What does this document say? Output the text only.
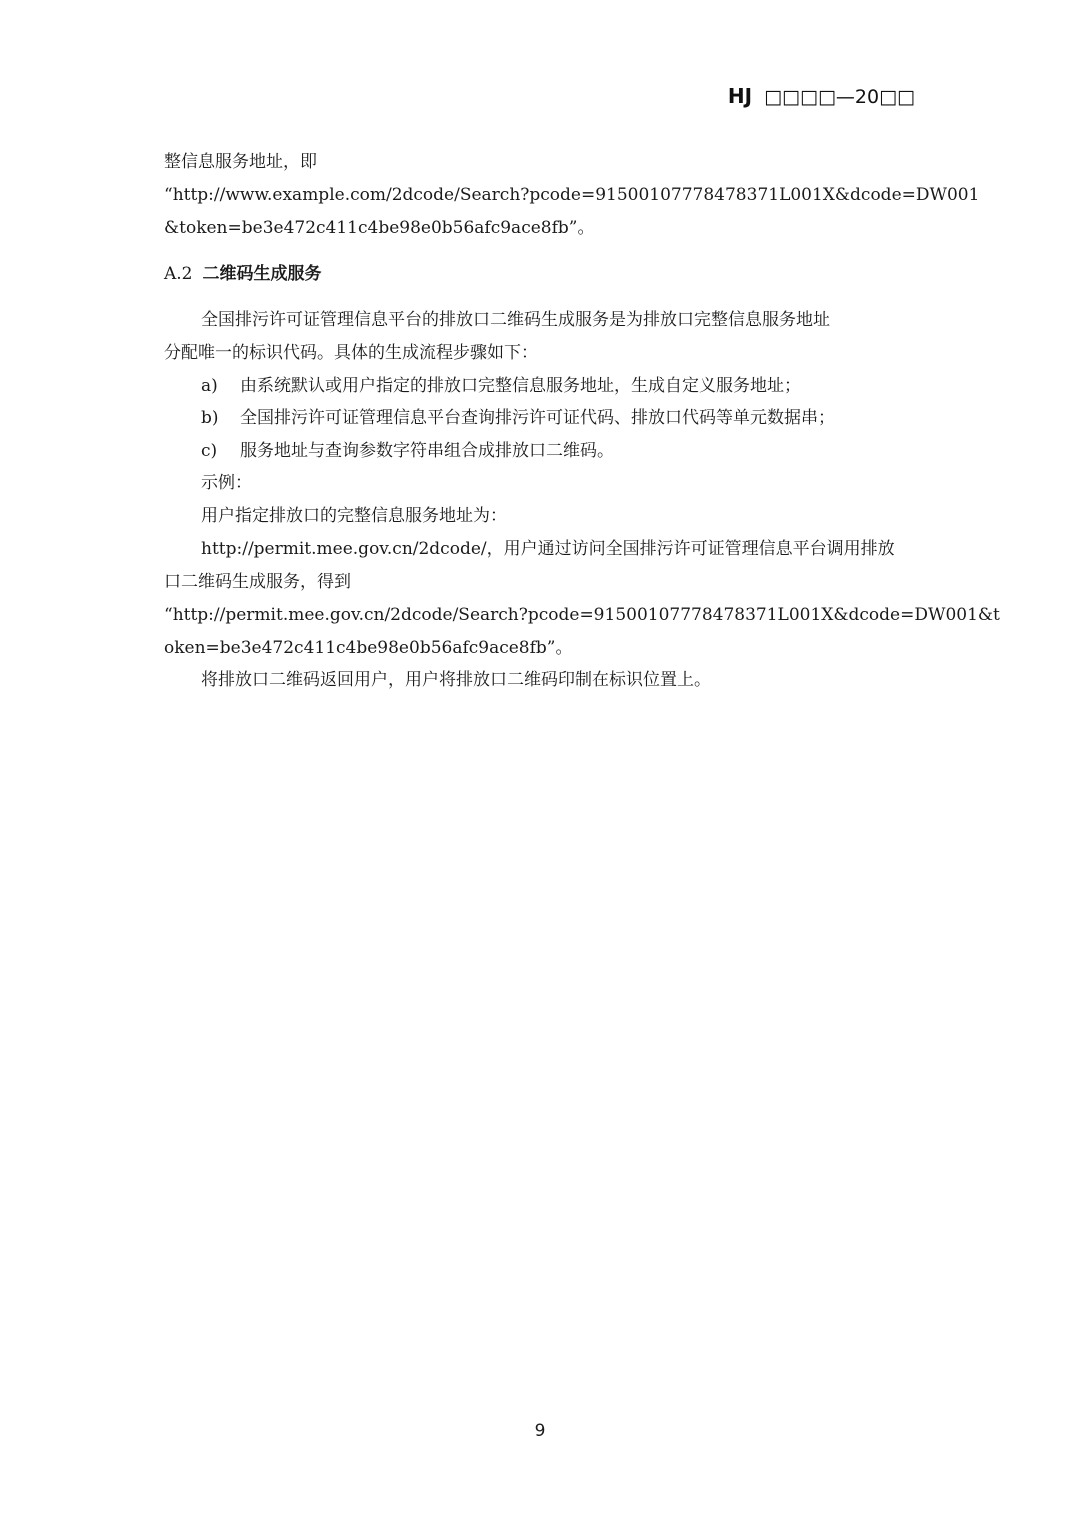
HJ □□□□—20□□
整信息服务地址，即
“http://www.example.com/2dcode/Search?pcode=91500107778478371L001X&dcode=DW001
&token=be3e472c411c4be98e0b56afc9ace8fb”。
A.2 二维码生成服务
全国排污许可证管理信息平台的排放口二维码生成服务是为排放口完整信息服务地址
分配唯一的标识代码。具体的生成流程步骤如下：
a) 由系统默认或用户指定的排放口完整信息服务地址，生成自定义服务地址；
b) 全国排污许可证管理信息平台查询排污许可证代码、排放口代码等单元数据串；
c) 服务地址与查询参数字符串组合成排放口二维码。
示例：
用户指定排放口的完整信息服务地址为：
http://permit.mee.gov.cn/2dcode/，用户通过访问全国排污许可证管理信息平台调用排放
口二维码生成服务，得到
“http://permit.mee.gov.cn/2dcode/Search?pcode=91500107778478371L001X&dcode=DW001&t
oken=be3e472c411c4be98e0b56afc9ace8fb”。
将排放口二维码返回用户，用户将排放口二维码印制在标识位置上。
9
